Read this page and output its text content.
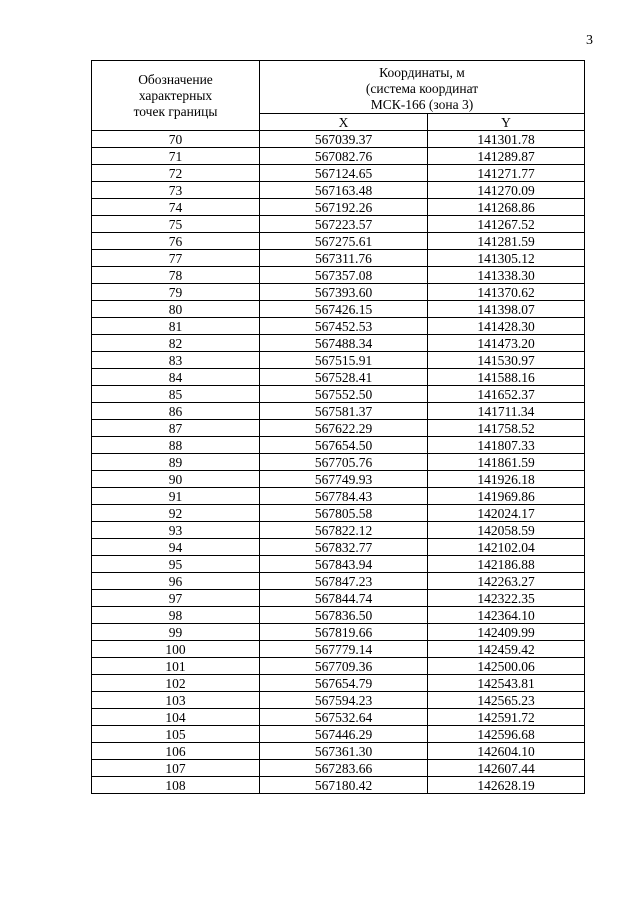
3
Обозначение
характерных
точек границы	Координаты, м
(система координат
МСК-166 (зона 3)	
	X	Y
70	567039.37	141301.78
71	567082.76	141289.87
72	567124.65	141271.77
73	567163.48	141270.09
74	567192.26	141268.86
75	567223.57	141267.52
76	567275.61	141281.59
77	567311.76	141305.12
78	567357.08	141338.30
79	567393.60	141370.62
80	567426.15	141398.07
81	567452.53	141428.30
82	567488.34	141473.20
83	567515.91	141530.97
84	567528.41	141588.16
85	567552.50	141652.37
86	567581.37	141711.34
87	567622.29	141758.52
88	567654.50	141807.33
89	567705.76	141861.59
90	567749.93	141926.18
91	567784.43	141969.86
92	567805.58	142024.17
93	567822.12	142058.59
94	567832.77	142102.04
95	567843.94	142186.88
96	567847.23	142263.27
97	567844.74	142322.35
98	567836.50	142364.10
99	567819.66	142409.99
100	567779.14	142459.42
101	567709.36	142500.06
102	567654.79	142543.81
103	567594.23	142565.23
104	567532.64	142591.72
105	567446.29	142596.68
106	567361.30	142604.10
107	567283.66	142607.44
108	567180.42	142628.19
